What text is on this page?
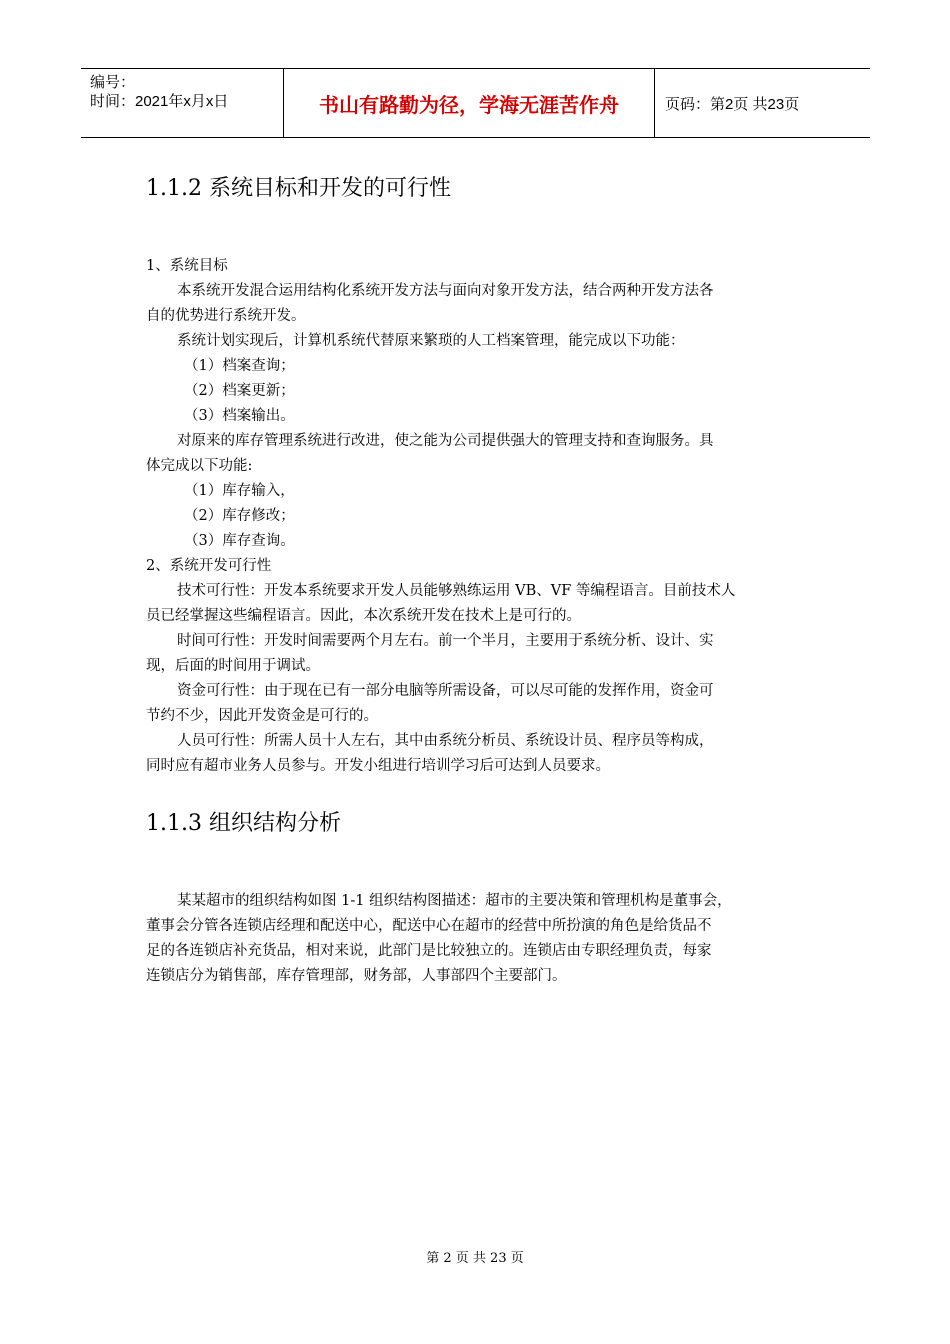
编号：
时间：2021年x月x日	书山有路勤为径，学海无涯苦作舟	页码：第2页 共23页
1.1.2 系统目标和开发的可行性
1、系统目标
本系统开发混合运用结构化系统开发方法与面向对象开发方法，结合两种开发方法各
自的优势进行系统开发。
系统计划实现后，计算机系统代替原来繁琐的人工档案管理，能完成以下功能：
（1）档案查询；
（2）档案更新；
（3）档案输出。
对原来的库存管理系统进行改进，使之能为公司提供强大的管理支持和查询服务。具
体完成以下功能:
（1）库存输入，
（2）库存修改；
（3）库存查询。
2、系统开发可行性
技术可行性：开发本系统要求开发人员能够熟练运用 VB、VF 等编程语言。目前技术人
员已经掌握这些编程语言。因此，本次系统开发在技术上是可行的。
时间可行性：开发时间需要两个月左右。前一个半月，主要用于系统分析、设计、实
现，后面的时间用于调试。
资金可行性：由于现在已有一部分电脑等所需设备，可以尽可能的发挥作用，资金可
节约不少，因此开发资金是可行的。
人员可行性：所需人员十人左右，其中由系统分析员、系统设计员、程序员等构成，
同时应有超市业务人员参与。开发小组进行培训学习后可达到人员要求。
1.1.3 组织结构分析
某某超市的组织结构如图 1-1 组织结构图描述：超市的主要决策和管理机构是董事会，
董事会分管各连锁店经理和配送中心，配送中心在超市的经营中所扮演的角色是给货品不
足的各连锁店补充货品，相对来说，此部门是比较独立的。连锁店由专职经理负责，每家
连锁店分为销售部，库存管理部，财务部，人事部四个主要部门。
第 2 页 共 23 页
